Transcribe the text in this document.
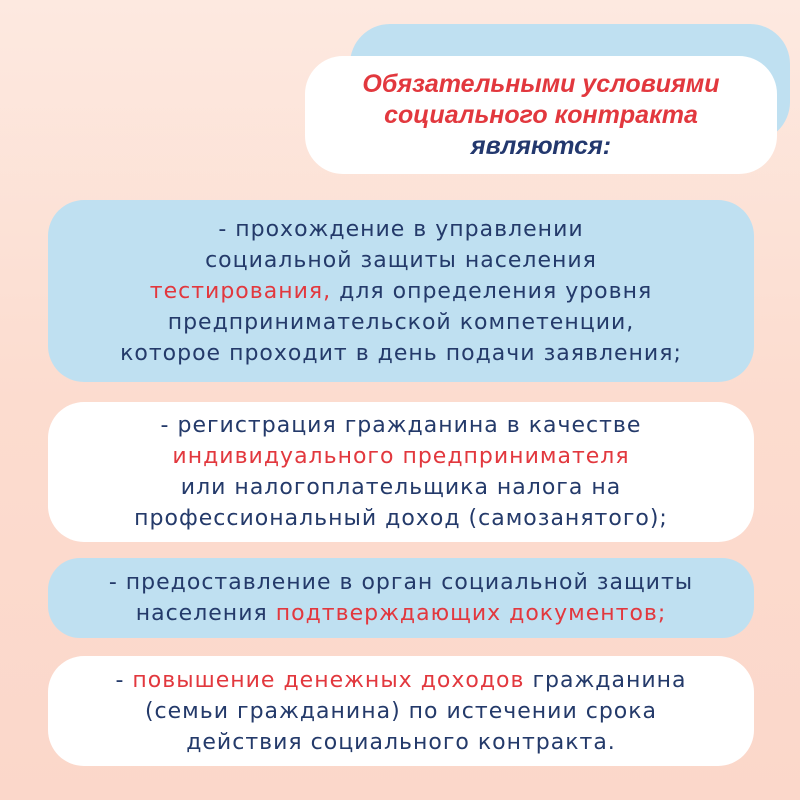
Обязательными условиями
социального контракта
являются:
- прохождение в управлении
социальной защиты населения
тестирования, для определения уровня
предпринимательской компетенции,
которое проходит в день подачи заявления;
- регистрация гражданина в качестве
индивидуального предпринимателя
или налогоплательщика налога на
профессиональный доход (самозанятого);
- предоставление в орган социальной защиты
населения подтверждающих документов;
- повышение денежных доходов гражданина
(семьи гражданина) по истечении срока
действия социального контракта.
